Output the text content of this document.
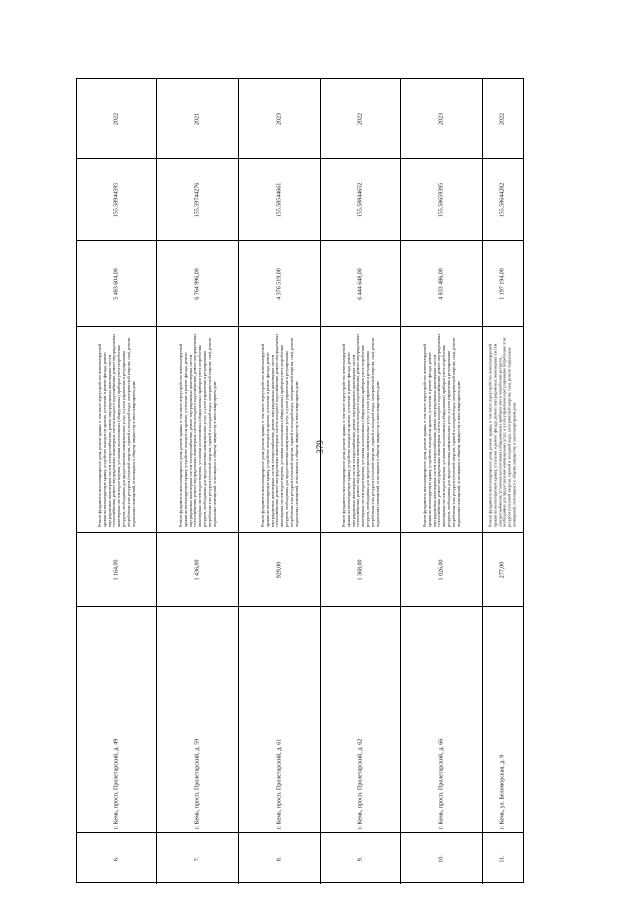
379
2022
155.58944595
5 483 604,00
Ремонт фундамента многоквартирного дома, ремонт крыши, в том числе переустройство невентилируемой крыши на вентилируемую крышу, устройство выходов на кровлю, утепление и ремонт фасада, ремонт внутридомовых инженерных систем электроснабжения, ремонт внутридомовых инженерных систем теплоснабжения, ремонт внутридомовых инженерных систем холодного водоснабжения, ремонт внутридомовых инженерных систем водоотведения, установка коллективных (общедомовых) приборов учета потребления ресурсов, необходимых для предоставления коммунальных услуг, и узлов управления и регулирования потребления этих ресурсов (тепловой энергии, горячей и холодной воды, электрической энергии, газа), ремонт подвальных помещений, относящихся к общему имуществу в многоквартирном доме
1 164,00
г. Кемь, просп. Пролетарский, д. 49
6.
2021
155.59744276
6 764 996,00
Ремонт фундамента многоквартирного дома, ремонт крыши, в том числе переустройство невентилируемой крыши на вентилируемую крышу, устройство выходов на кровлю, утепление и ремонт фасада, ремонт внутридомовых инженерных систем электроснабжения, ремонт внутридомовых инженерных систем теплоснабжения, ремонт внутридомовых инженерных систем холодного водоснабжения, ремонт внутридомовых инженерных систем водоотведения, установка коллективных (общедомовых) приборов учета потребления ресурсов, необходимых для предоставления коммунальных услуг, и узлов управления и регулирования потребления этих ресурсов (тепловой энергии, горячей и холодной воды, электрической энергии, газа), ремонт подвальных помещений, относящихся к общему имуществу в многоквартирном доме
1 436,00
г. Кемь, просп. Пролетарский, д. 59
7.
2023
155.58544661
4 376 519,00
Ремонт фундамента многоквартирного дома, ремонт крыши, в том числе переустройство невентилируемой крыши на вентилируемую крышу, устройство выходов на кровлю, утепление и ремонт фасада, ремонт внутридомовых инженерных систем электроснабжения, ремонт внутридомовых инженерных систем теплоснабжения, ремонт внутридомовых инженерных систем холодного водоснабжения, ремонт внутридомовых инженерных систем водоотведения, установка коллективных (общедомовых) приборов учета потребления ресурсов, необходимых для предоставления коммунальных услуг, и узлов управления и регулирования потребления этих ресурсов (тепловой энергии, горячей и холодной воды, электрической энергии, газа), ремонт подвальных помещений, относящихся к общему имуществу в многоквартирном доме
929,00
г. Кемь, просп. Пролетарский, д. 61
8.
2022
155.58844652
6 444 648,00
Ремонт фундамента многоквартирного дома, ремонт крыши, в том числе переустройство невентилируемой крыши на вентилируемую крышу, устройство выходов на кровлю, утепление и ремонт фасада, ремонт внутридомовых инженерных систем электроснабжения, ремонт внутридомовых инженерных систем теплоснабжения, ремонт внутридомовых инженерных систем холодного водоснабжения, ремонт внутридомовых инженерных систем водоотведения, установка коллективных (общедомовых) приборов учета потребления ресурсов, необходимых для предоставления коммунальных услуг, и узлов управления и регулирования потребления этих ресурсов (тепловой энергии, горячей и холодной воды, электрической энергии, газа), ремонт подвальных помещений, относящихся к общему имуществу в многоквартирном доме
1 368,00
г. Кемь, просп. Пролетарский, д. 62
9.
2023
155.58659395
4 833 486,00
Ремонт фундамента многоквартирного дома, ремонт крыши, в том числе переустройство невентилируемой крыши на вентилируемую крышу, устройство выходов на кровлю, утепление и ремонт фасада, ремонт внутридомовых инженерных систем электроснабжения, ремонт внутридомовых инженерных систем теплоснабжения, ремонт внутридомовых инженерных систем холодного водоснабжения, ремонт внутридомовых инженерных систем водоотведения, установка коллективных (общедомовых) приборов учета потребления ресурсов, необходимых для предоставления коммунальных услуг, и узлов управления и регулирования потребления этих ресурсов (тепловой энергии, горячей и холодной воды, электрической энергии, газа), ремонт подвальных помещений, относящихся к общему имуществу в многоквартирном доме
1 026,00
г. Кемь, просп. Пролетарский, д. 66
10.
2022
155.58644282
1 197 194,00
Ремонт фундамента многоквартирного дома, ремонт крыши, в том числе переустройство невентилируемой крыши на вентилируемую крышу, утепление и ремонт фасада, ремонт внутридомовых инженерных систем электроснабжения, установка коллективных (общедомовых) приборов учета потребления ресурсов, необходимых для предоставления коммунальных услуг, и узлов управления и регулирования потребления этих ресурсов (тепловой энергии, горячей и холодной воды, электрической энергии, газа), ремонт подвальных помещений, относящихся к общему имуществу в многоквартирном доме
277,00
г. Кемь, ул. Беломорская, д. 9
11.
